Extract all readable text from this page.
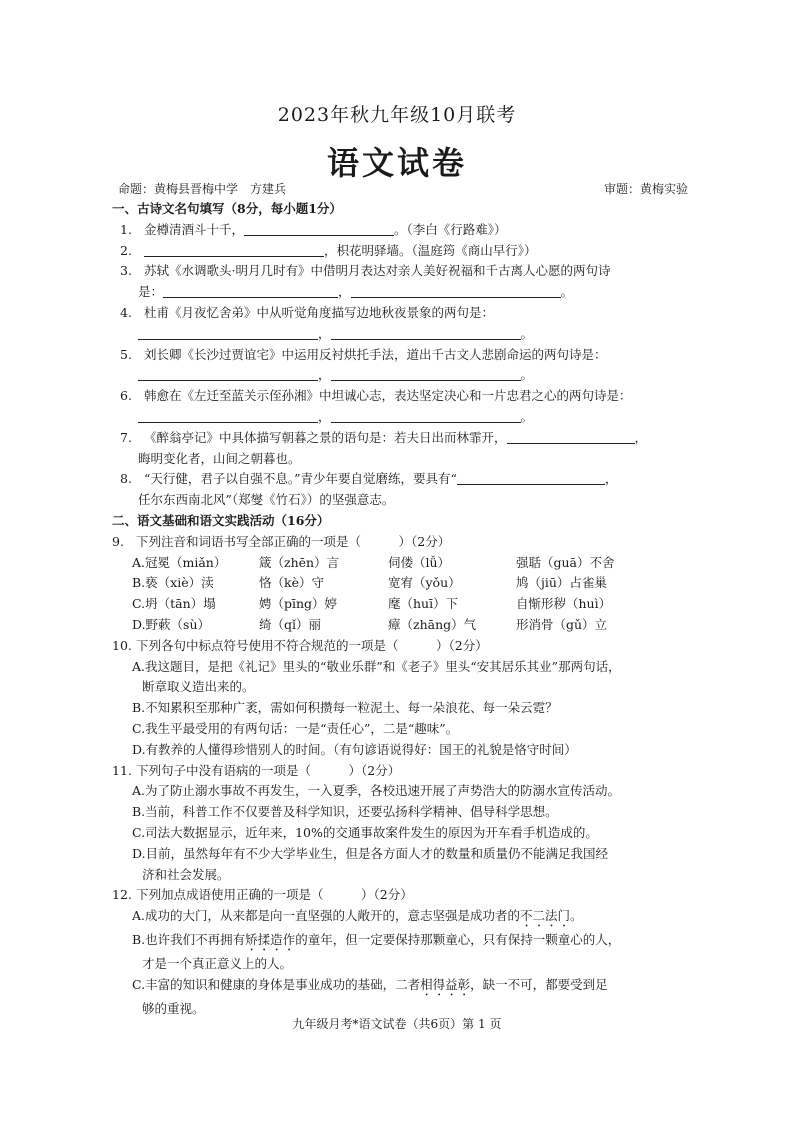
2023年秋九年级10月联考
语文试卷
命题：黄梅县晋梅中学　方建兵	审题：黄梅实验
一、古诗文名句填写（8分，每小题1分）
1. 金樽清酒斗十千，	。（李白《行路难》）
2.	，枳花明驿墙。（温庭筠《商山早行》）
3. 苏轼《水调歌头·明月几时有》中借明月表达对亲人美好祝福和千古离人心愿的两句诗
是：	，	。
4. 杜甫《月夜忆舍弟》中从听觉角度描写边地秋夜景象的两句是：
，	。
5. 刘长卿《长沙过贾谊宅》中运用反衬烘托手法，道出千古文人悲剧命运的两句诗是：
，	。
6. 韩愈在《左迁至蓝关示侄孙湘》中坦诚心志，表达坚定决心和一片忠君之心的两句诗是：
，	。
7. 《醉翁亭记》中具体描写朝暮之景的语句是：若夫日出而林霏开，	，
晦明变化者，山间之朝暮也。
8. “天行健，君子以自强不息。”青少年要自觉磨练，要具有“	，
任尔东西南北风”（郑燮《竹石》）的坚强意志。
二、语文基础和语文实践活动（16分）
9. 下列注音和词语书写全部正确的一项是（　　　）（2分）
A.冠冕（miǎn）	箴（zhēn）言	伺偻（lǚ）	强聒（guā）不舍
B.亵（xiè）渎	恪（kè）守	宽宥（yǒu）	鸠（jiū）占雀巢
C.坍（tān）塌	娉（pīng）婷	麾（huī）下	自惭形秽（huì）
D.野蔌（sù）	绮（qǐ）丽	瘴（zhāng）气	形消骨（gǔ）立
10. 下列各句中标点符号使用不符合规范的一项是（　　　）（2分）
A.我这题目，是把《礼记》里头的“敬业乐群”和《老子》里头“安其居乐其业”那两句话，
断章取义造出来的。
B.不知累积至那种广袤，需如何积攒每一粒泥土、每一朵浪花、每一朵云霓？
C.我生平最受用的有两句话：一是“责任心”，二是“趣味”。
D.有教养的人懂得珍惜别人的时间。（有句谚语说得好：国王的礼貌是恪守时间）
11. 下列句子中没有语病的一项是（　　　）（2分）
A.为了防止溺水事故不再发生，一入夏季，各校迅速开展了声势浩大的防溺水宣传活动。
B.当前，科普工作不仅要普及科学知识，还要弘扬科学精神、倡导科学思想。
C.司法大数据显示，近年来，10%的交通事故案件发生的原因为开车看手机造成的。
D.目前，虽然每年有不少大学毕业生，但是各方面人才的数量和质量仍不能满足我国经
济和社会发展。
12. 下列加点成语使用正确的一项是（　　　）（2分）
A.成功的大门，从来都是向一直坚强的人敞开的，意志坚强是成功者的不二法门。
B.也许我们不再拥有矫揉造作的童年，但一定要保持那颗童心，只有保持一颗童心的人，
才是一个真正意义上的人。
C.丰富的知识和健康的身体是事业成功的基础，二者相得益彰，缺一不可，都要受到足
够的重视。
九年级月考*语文试卷（共6页）第 1 页
